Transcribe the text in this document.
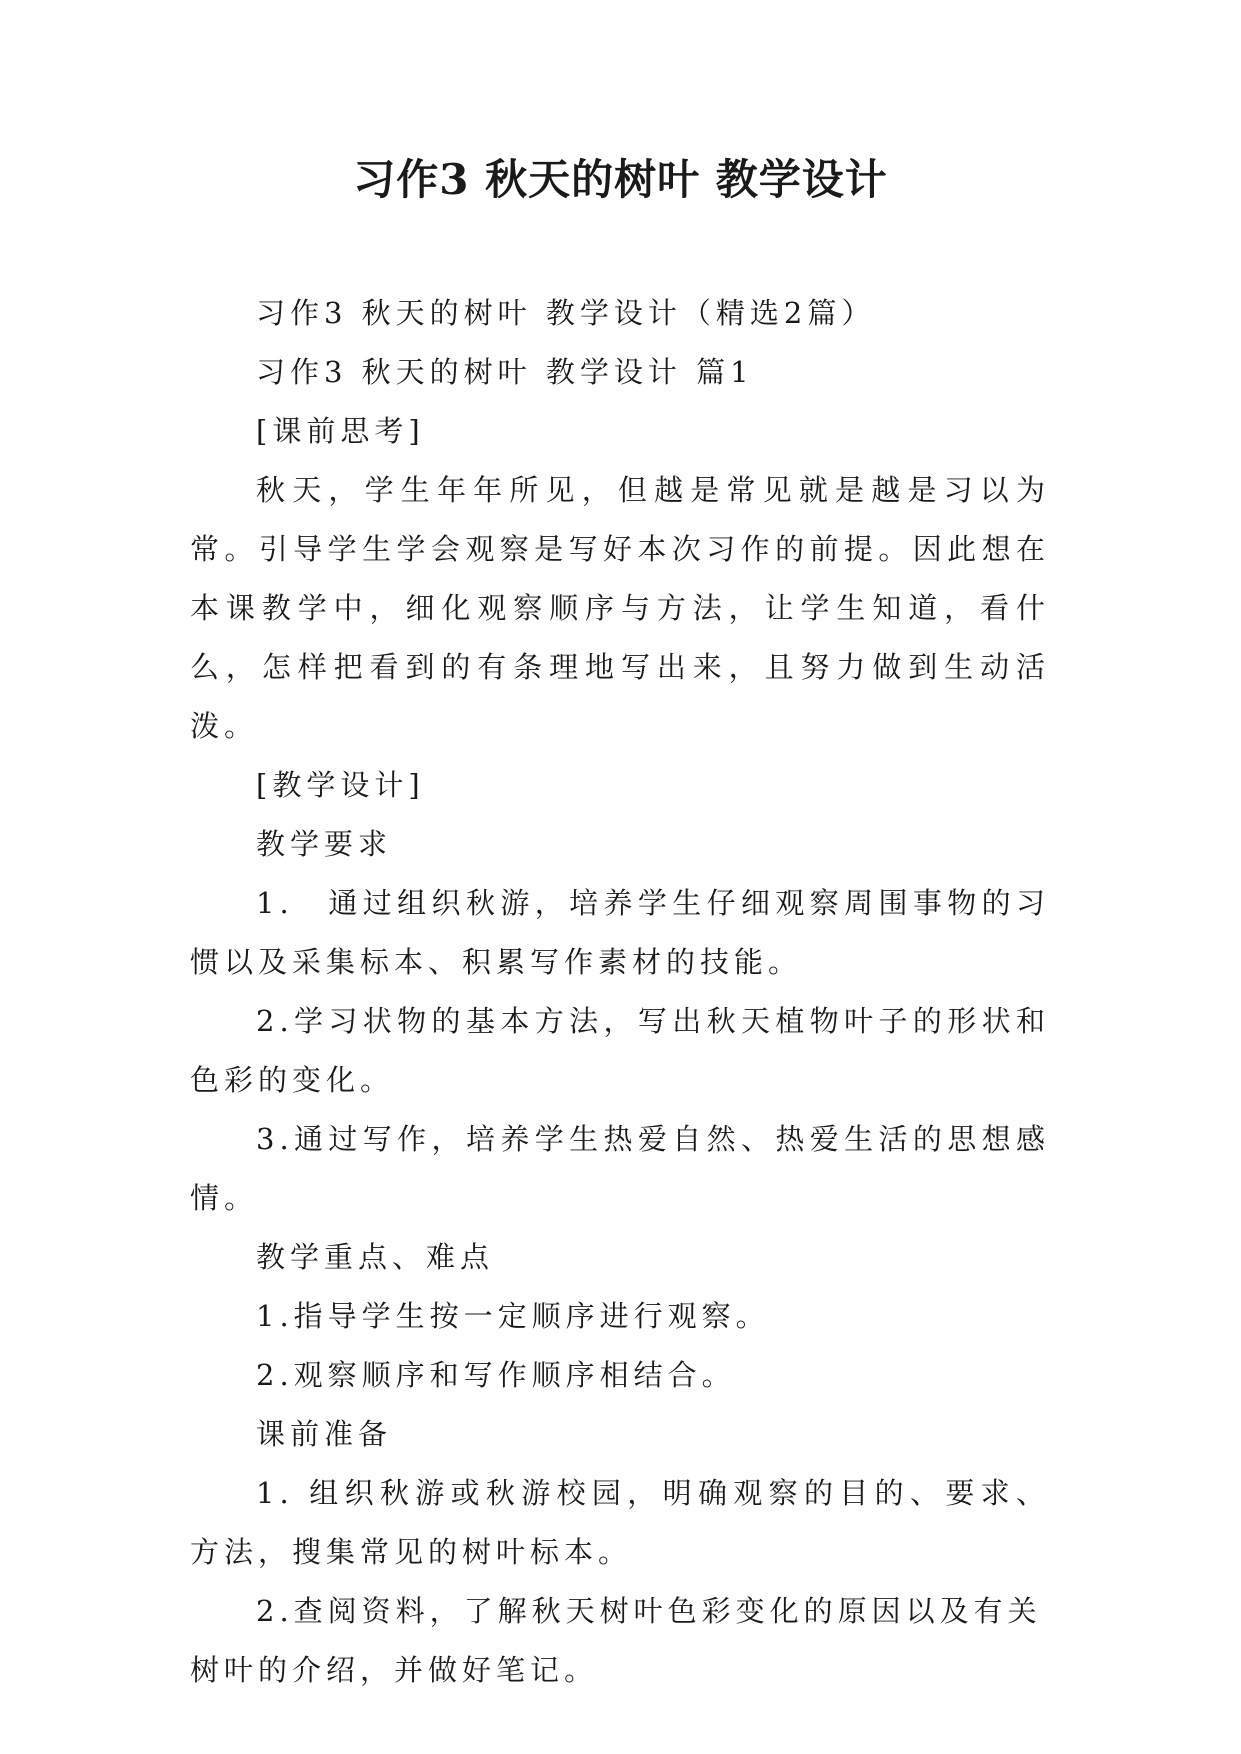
习作3 秋天的树叶 教学设计

习作3 秋天的树叶 教学设计（精选2篇）

习作3 秋天的树叶 教学设计 篇1

[课前思考]

秋天，学生年年所见，但越是常见就是越是习以为常。引导学生学会观察是写好本次习作的前提。因此想在本课教学中，细化观察顺序与方法，让学生知道，看什么，怎样把看到的有条理地写出来，且努力做到生动活泼。

[教学设计]

教学要求

1.　通过组织秋游，培养学生仔细观察周围事物的习惯以及采集标本、积累写作素材的技能。

2.学习状物的基本方法，写出秋天植物叶子的形状和色彩的变化。

3.通过写作，培养学生热爱自然、热爱生活的思想感情。

教学重点、难点

1.指导学生按一定顺序进行观察。

2.观察顺序和写作顺序相结合。

课前准备

1. 组织秋游或秋游校园，明确观察的目的、要求、方法，搜集常见的树叶标本。

2.查阅资料，了解秋天树叶色彩变化的原因以及有关树叶的介绍，并做好笔记。
